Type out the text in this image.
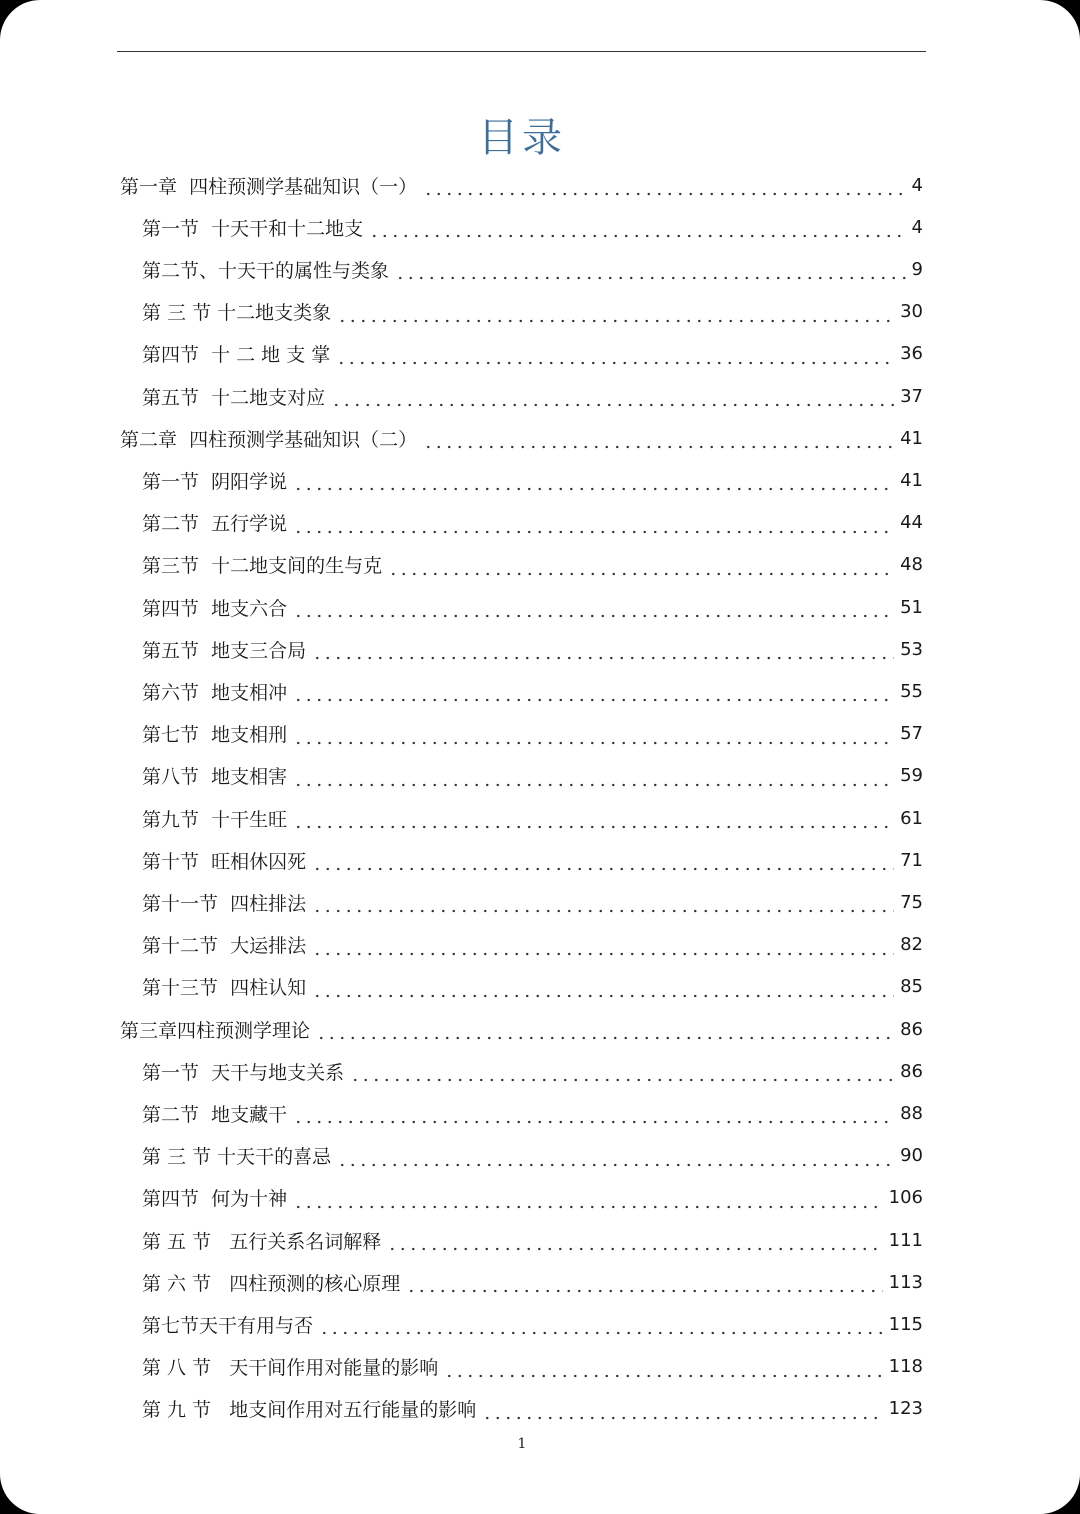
目录
第一章  四柱预测学基础知识（一）	4
第一节  十天干和十二地支	4
第二节、十天干的属性与类象	9
第 三 节 十二地支类象	30
第四节  十 二 地 支 掌	36
第五节  十二地支对应	37
第二章  四柱预测学基础知识（二）	41
第一节  阴阳学说	41
第二节  五行学说	44
第三节  十二地支间的生与克	48
第四节  地支六合	51
第五节  地支三合局	53
第六节  地支相冲	55
第七节  地支相刑	57
第八节  地支相害	59
第九节  十干生旺	61
第十节  旺相休囚死	71
第十一节  四柱排法	75
第十二节  大运排法	82
第十三节  四柱认知	85
第三章四柱预测学理论	86
第一节  天干与地支关系	86
第二节  地支藏干	88
第 三 节 十天干的喜忌	90
第四节  何为十神	106
第 五 节   五行关系名词解释	111
第 六 节   四柱预测的核心原理	113
第七节天干有用与否	115
第 八 节   天干间作用对能量的影响	118
第 九 节   地支间作用对五行能量的影响	123
1
